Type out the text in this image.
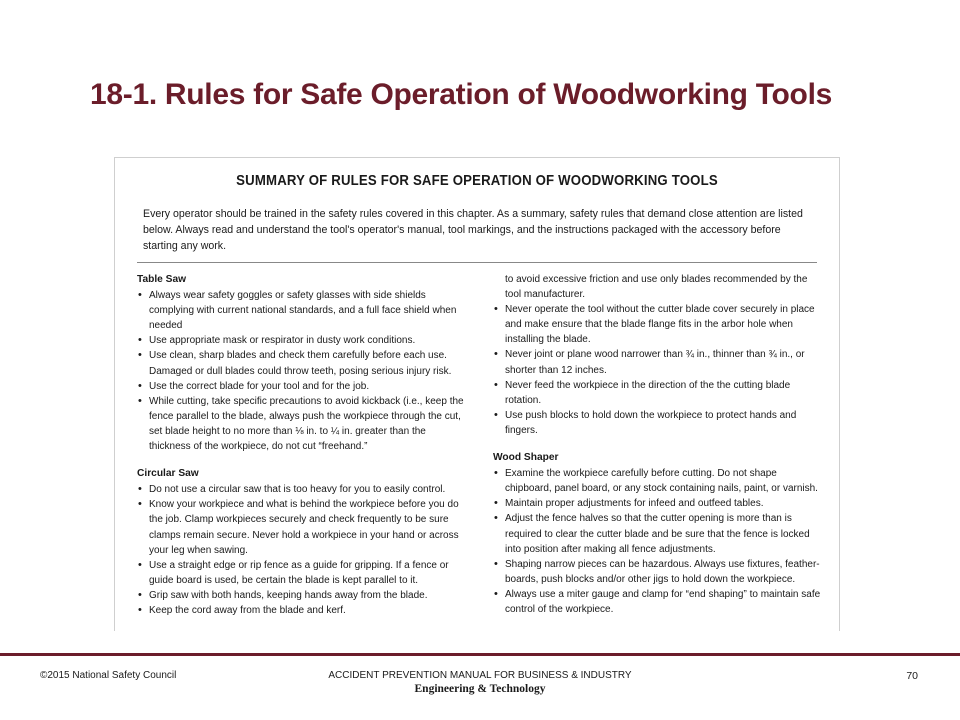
18-1. Rules for Safe Operation of Woodworking Tools
SUMMARY OF RULES FOR SAFE OPERATION OF WOODWORKING TOOLS
Every operator should be trained in the safety rules covered in this chapter. As a summary, safety rules that demand close attention are listed below. Always read and understand the tool's operator's manual, tool markings, and the instructions packaged with the accessory before starting any work.
Table Saw
• Always wear safety goggles or safety glasses with side shields complying with current national standards, and a full face shield when needed
• Use appropriate mask or respirator in dusty work conditions.
• Use clean, sharp blades and check them carefully before each use. Damaged or dull blades could throw teeth, posing serious injury risk.
• Use the correct blade for your tool and for the job.
• While cutting, take specific precautions to avoid kickback (i.e., keep the fence parallel to the blade, always push the workpiece through the cut, set blade height to no more than ⅛ in. to ¼ in. greater than the thickness of the workpiece, do not cut “freehand.”
Circular Saw
• Do not use a circular saw that is too heavy for you to easily control.
• Know your workpiece and what is behind the workpiece before you do the job. Clamp workpieces securely and check frequently to be sure clamps remain secure. Never hold a workpiece in your hand or across your leg when sawing.
• Use a straight edge or rip fence as a guide for gripping. If a fence or guide board is used, be certain the blade is kept parallel to it.
• Grip saw with both hands, keeping hands away from the blade.
• Keep the cord away from the blade and kerf.
to avoid excessive friction and use only blades recommended by the tool manufacturer.
• Never operate the tool without the cutter blade cover securely in place and make ensure that the blade flange fits in the arbor hole when installing the blade.
• Never joint or plane wood narrower than ¾ in., thinner than ¾ in., or shorter than 12 inches.
• Never feed the workpiece in the direction of the the cutting blade rotation.
• Use push blocks to hold down the workpiece to protect hands and fingers.
Wood Shaper
• Examine the workpiece carefully before cutting. Do not shape chipboard, panel board, or any stock containing nails, paint, or varnish.
• Maintain proper adjustments for infeed and outfeed tables.
• Adjust the fence halves so that the cutter opening is more than is required to clear the cutter blade and be sure that the fence is locked into position after making all fence adjustments.
• Shaping narrow pieces can be hazardous. Always use fixtures, feather-boards, push blocks and/or other jigs to hold down the workpiece.
• Always use a miter gauge and clamp for “end shaping” to maintain safe control of the workpiece.
©2015 National Safety Council	ACCIDENT PREVENTION MANUAL FOR BUSINESS & INDUSTRY
Engineering & Technology
70
